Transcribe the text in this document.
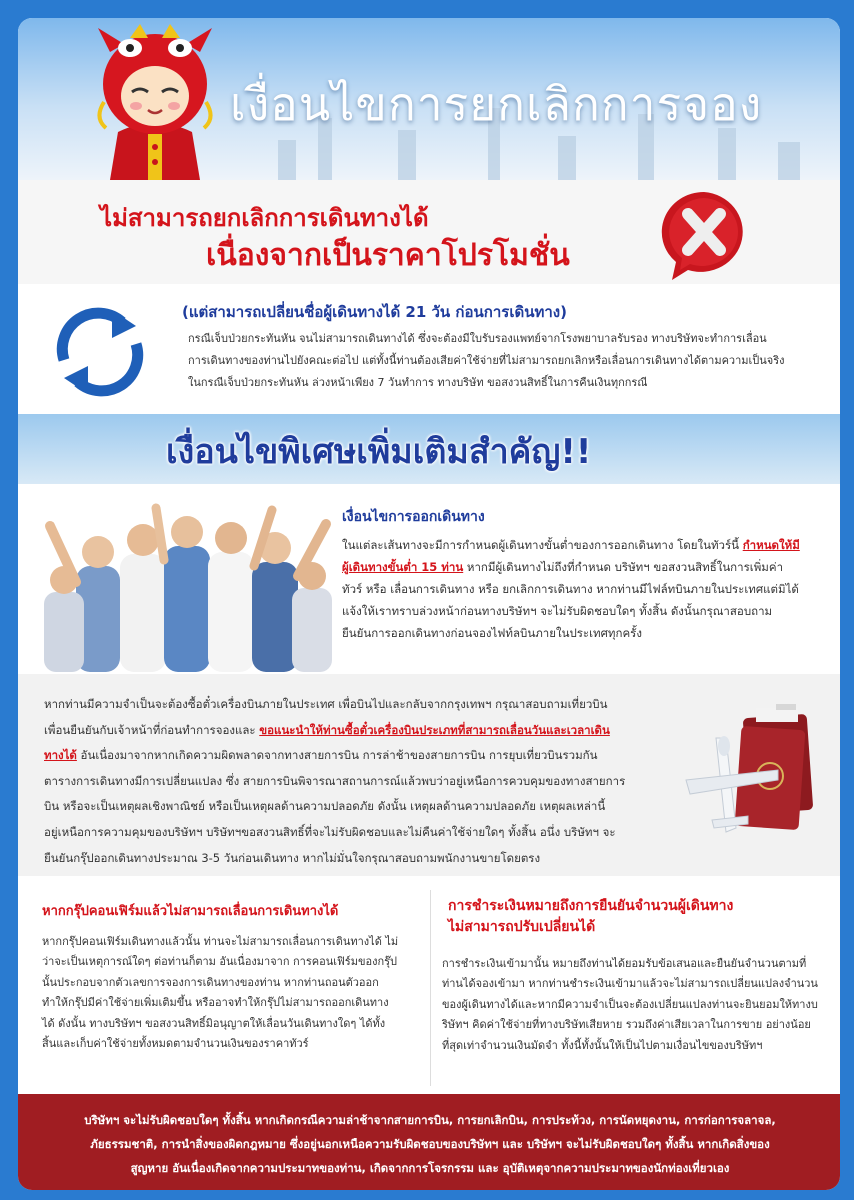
เงื่อนไขการยกเลิกการจอง
ไม่สามารถยกเลิกการเดินทางได้
เนื่องจากเป็นราคาโปรโมชั่น
(แต่สามารถเปลี่ยนชื่อผู้เดินทางได้ 21 วัน ก่อนการเดินทาง)

กรณีเจ็บป่วยกระทันหัน จนไม่สามารถเดินทางได้ ซึ่งจะต้องมีใบรับรองแพทย์จากโรงพยาบาลรับรอง ทางบริษัทจะทำการเลื่อน

การเดินทางของท่านไปยังคณะต่อไป แต่ทั้งนี้ท่านต้องเสียค่าใช้จ่ายที่ไม่สามารถยกเลิกหรือเลื่อนการเดินทางได้ตามความเป็นจริง

ในกรณีเจ็บป่วยกระทันหัน ล่วงหน้าเพียง 7 วันทำการ ทางบริษัท ขอสงวนสิทธิ์ในการคืนเงินทุกกรณี

เงื่อนไขพิเศษเพิ่มเติมสำคัญ!!
เงื่อนไขการออกเดินทาง

ในแต่ละเส้นทางจะมีการกำหนดผู้เดินทางขั้นต่ำของการออกเดินทาง โดยในทัวร์นี้ กำหนดให้มี

ผู้เดินทางขั้นต่ำ 15 ท่าน หากมีผู้เดินทางไม่ถึงที่กำหนด บริษัทฯ ขอสงวนสิทธิ์ในการเพิ่มค่า

ทัวร์ หรือ เลื่อนการเดินทาง หรือ ยกเลิกการเดินทาง หากท่านมีไฟล์ทบินภายในประเทศแต่มิได้

แจ้งให้เราทราบล่วงหน้าก่อนทางบริษัทฯ จะไม่รับผิดชอบใดๆ ทั้งสิ้น ดังนั้นกรุณาสอบถาม

ยืนยันการออกเดินทางก่อนจองไฟท์ลบินภายในประเทศทุกครั้ง

หากท่านมีความจำเป็นจะต้องซื้อตั๋วเครื่องบินภายในประเทศ เพื่อบินไปและกลับจากกรุงเทพฯ กรุณาสอบถามเที่ยวบิน

เพื่อนยืนยันกับเจ้าหน้าที่ก่อนทำการจองและ ขอแนะนำให้ท่านซื้อตั๋วเครื่องบินประเภทที่สามารถเลื่อนวันและเวลาเดิน

ทางได้ อันเนื่องมาจากหากเกิดความผิดพลาดจากทางสายการบิน การล่าช้าของสายการบิน การยุบเที่ยวบินรวมกัน

ตารางการเดินทางมีการเปลี่ยนแปลง ซึ่ง สายการบินพิจารณาสถานการณ์แล้วพบว่าอยู่เหนือการควบคุมของทางสายการ

บิน หรือจะเป็นเหตุผลเชิงพาณิชย์ หรือเป็นเหตุผลด้านความปลอดภัย ดังนั้น เหตุผลด้านความปลอดภัย เหตุผลเหล่านี้

อยู่เหนือการความคุมของบริษัทฯ บริษัทฯขอสงวนสิทธิ์ที่จะไม่รับผิดชอบและไม่คืนค่าใช้จ่ายใดๆ ทั้งสิ้น อนึ่ง บริษัทฯ จะ

ยืนยันกรุ๊ปออกเดินทางประมาณ 3-5 วันก่อนเดินทาง หากไม่มั่นใจกรุณาสอบถามพนักงานขายโดยตรง

หากกรุ๊ปคอนเฟิร์มแล้วไม่สามารถเลื่อนการเดินทางได้

หากกรุ๊ปคอนเฟิร์มเดินทางแล้วนั้น ท่านจะไม่สามารถเลื่อนการเดินทางได้ ไม่

ว่าจะเป็นเหตุการณ์ใดๆ ต่อท่านก็ตาม อันเนื่องมาจาก การคอนเฟิร์มของกรุ๊ป

นั้นประกอบจากตัวเลขการจองการเดินทางของท่าน หากท่านถอนตัวออก

ทำให้กรุ๊ปมีค่าใช้จ่ายเพิ่มเติมขึ้น หรืออาจทำให้กรุ๊ปไม่สามารถออกเดินทาง

ได้ ดังนั้น ทางบริษัทฯ ขอสงวนสิทธิ์มิอนุญาตให้เลื่อนวันเดินทางใดๆ ได้ทั้ง

สิ้นและเก็บค่าใช้จ่ายทั้งหมดตามจำนวนเงินของราคาทัวร์

การชำระเงินหมายถึงการยืนยันจำนวนผู้เดินทาง
ไม่สามารถปรับเปลี่ยนได้

การชำระเงินเข้ามานั้น หมายถึงท่านได้ยอมรับข้อเสนอและยืนยันจำนวนตามที่

ท่านได้จองเข้ามา หากท่านชำระเงินเข้ามาแล้วจะไม่สามารถเปลี่ยนแปลงจำนวน

ของผู้เดินทางได้และหากมีความจำเป็นจะต้องเปลี่ยนแปลงท่านจะยินยอมให้ทางบ

ริษัทฯ คิดค่าใช้จ่ายที่ทางบริษัทเสียหาย รวมถึงค่าเสียเวลาในการขาย อย่างน้อย

ที่สุดเท่าจำนวนเงินมัดจำ ทั้งนี้ทั้งนั้นให้เป็นไปตามเงื่อนไขของบริษัทฯ

บริษัทฯ จะไม่รับผิดชอบใดๆ ทั้งสิ้น หากเกิดกรณีความล่าช้าจากสายการบิน, การยกเลิกบิน, การประท้วง, การนัดหยุดงาน, การก่อการจลาจล,

ภัยธรรมชาติ, การนำสิ่งของผิดกฎหมาย ซึ่งอยู่นอกเหนือความรับผิดชอบของบริษัทฯ และ บริษัทฯ จะไม่รับผิดชอบใดๆ ทั้งสิ้น หากเกิดสิ่งของ

สูญหาย อันเนื่องเกิดจากความประมาทของท่าน, เกิดจากการโจรกรรม และ อุบัติเหตุจากความประมาทของนักท่องเที่ยวเอง
